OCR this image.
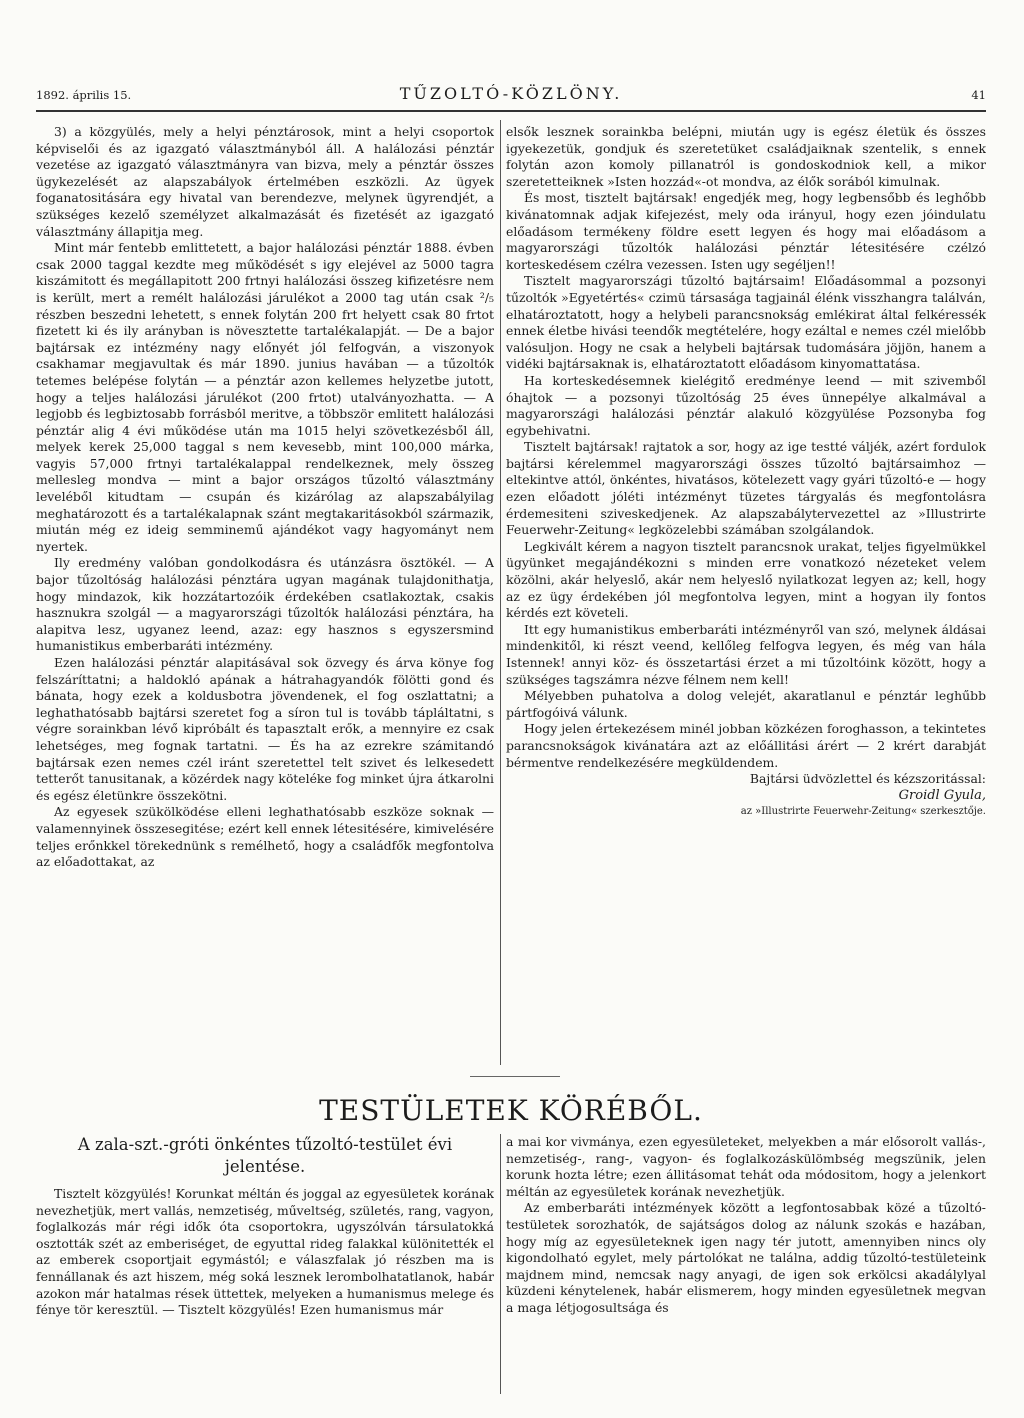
1892. április 15.	TŰZOLTÓ-KÖZLÖNY.	41

3) a közgyülés, mely a helyi pénztárosok, mint a helyi csoportok képviselői és az igazgató választmányból áll. A halálozási pénztár vezetése az igazgató választmányra van bizva, mely a pénztár összes ügykezelését az alapszabályok értelmében eszközli. Az ügyek foganatositására egy hivatal van berendezve, melynek ügyrendjét, a szükséges kezelő személyzet alkalmazását és fizetését az igazgató választmány állapitja meg.

Mint már fentebb emlittetett, a bajor halálozási pénztár 1888. évben csak 2000 taggal kezdte meg működését s igy elejével az 5000 tagra kiszámitott és megállapitott 200 frtnyi halálozási összeg kifizetésre nem is került, mert a remélt halálozási járulékot a 2000 tag után csak ²/₅ részben beszedni lehetett, s ennek folytán 200 frt helyett csak 80 frtot fizetett ki és ily arányban is növesztette tartalékalapját. — De a bajor bajtársak ez intézmény nagy előnyét jól felfogván, a viszonyok csakhamar megjavultak és már 1890. junius havában — a tűzoltók tetemes belépése folytán — a pénztár azon kellemes helyzetbe jutott, hogy a teljes halálozási járulékot (200 frtot) utalványozhatta. — A legjobb és legbiztosabb forrásból meritve, a többször emlitett halálozási pénztár alig 4 évi működése után ma 1015 helyi szövetkezésből áll, melyek kerek 25,000 taggal s nem kevesebb, mint 100,000 márka, vagyis 57,000 frtnyi tartalékalappal rendelkeznek, mely összeg mellesleg mondva — mint a bajor országos tűzoltó választmány leveléből kitudtam — csupán és kizárólag az alapszabályilag meghatározott és a tartalékalapnak szánt megtakaritásokból származik, miután még ez ideig semminemű ajándékot vagy hagyományt nem nyertek.

Ily eredmény valóban gondolkodásra és utánzásra ösztökél. — A bajor tűzoltóság halálozási pénztára ugyan magának tulajdonithatja, hogy mindazok, kik hozzátartozóik érdekében csatlakoztak, csakis hasznukra szolgál — a magyarországi tűzoltók halálozási pénztára, ha alapitva lesz, ugyanez leend, azaz: egy hasznos s egyszersmind humanistikus emberbaráti intézmény.

Ezen halálozási pénztár alapitásával sok özvegy és árva könye fog felszáríttatni; a haldokló apának a hátrahagyandók fölötti gond és bánata, hogy ezek a koldusbotra jövendenek, el fog oszlattatni; a leghathatósabb bajtársi szeretet fog a síron tul is tovább tápláltatni, s végre sorainkban lévő kipróbált és tapasztalt erők, a mennyire ez csak lehetséges, meg fognak tartatni. — És ha az ezrekre számitandó bajtársak ezen nemes czél iránt szeretettel telt szivet és lelkesedett tetterőt tanusitanak, a közérdek nagy köteléke fog minket újra átkarolni és egész életünkre összekötni.

Az egyesek szükölködése elleni leghathatósabb eszköze soknak — valamennyinek összesegitése; ezért kell ennek létesitésére, kimivelésére teljes erőnkkel törekednünk s remélhető, hogy a családfők megfontolva az előadottakat, az

elsők lesznek sorainkba belépni, miután ugy is egész életük és összes igyekezetük, gondjuk és szeretetüket családjaiknak szentelik, s ennek folytán azon komoly pillanatról is gondoskodniok kell, a mikor szeretetteiknek »Isten hozzád«-ot mondva, az élők sorából kimulnak.

És most, tisztelt bajtársak! engedjék meg, hogy legbensőbb és leghőbb kivánatomnak adjak kifejezést, mely oda irányul, hogy ezen jóindulatu előadásom termékeny földre esett legyen és hogy mai előadásom a magyarországi tűzoltók halálozási pénztár létesitésére czélzó korteskedésem czélra vezessen. Isten ugy segéljen!!

Tisztelt magyarországi tűzoltó bajtársaim! Előadásommal a pozsonyi tűzoltók »Egyetértés« czimü társasága tagjainál élénk visszhangra találván, elhatároztatott, hogy a helybeli parancsnokság emlékirat által felkéressék ennek életbe hivási teendők megtételére, hogy ezáltal e nemes czél mielőbb valósuljon. Hogy ne csak a helybeli bajtársak tudomására jöjjön, hanem a vidéki bajtársaknak is, elhatároztatott előadásom kinyomattatása.

Ha korteskedésemnek kielégitő eredménye leend — mit szivemből óhajtok — a pozsonyi tűzoltóság 25 éves ünnepélye alkalmával a magyarországi halálozási pénztár alakuló közgyülése Pozsonyba fog egybehivatni.

Tisztelt bajtársak! rajtatok a sor, hogy az ige testté váljék, azért fordulok bajtársi kérelemmel magyarországi összes tűzoltó bajtársaimhoz — eltekintve attól, önkéntes, hivatásos, kötelezett vagy gyári tűzoltó-e — hogy ezen előadott jóléti intézményt tüzetes tárgyalás és megfontolásra érdemesiteni sziveskedjenek. Az alapszabálytervezettel az »Illustrirte Feuerwehr-Zeitung« legközelebbi számában szolgálandok.

Legkivált kérem a nagyon tisztelt parancsnok urakat, teljes figyelmükkel ügyünket megajándékozni s minden erre vonatkozó nézeteket velem közölni, akár helyeslő, akár nem helyeslő nyilatkozat legyen az; kell, hogy az ez ügy érdekében jól megfontolva legyen, mint a hogyan ily fontos kérdés ezt követeli.

Itt egy humanistikus emberbaráti intézményről van szó, melynek áldásai mindenkitől, ki részt veend, kellőleg felfogva legyen, és még van hála Istennek! annyi köz- és összetartási érzet a mi tűzoltóink között, hogy a szükséges tagszámra nézve félnem nem kell!

Mélyebben puhatolva a dolog velejét, akaratlanul e pénztár leghűbb pártfogóivá válunk.

Hogy jelen értekezésem minél jobban közkézen foroghasson, a tekintetes parancsnokságok kivánatára azt az előállitási árért — 2 krért darabját bérmentve rendelkezésére megküldendem.

Bajtársi üdvözlettel és kézszoritással:

Groidl Gyula,

az »Illustrirte Feuerwehr-Zeitung« szerkesztője.

TESTÜLETEK KÖRÉBŐL.
A zala-szt.-gróti önkéntes tűzoltó-testület évi jelentése.

Tisztelt közgyülés! Korunkat méltán és joggal az egyesületek korának nevezhetjük, mert vallás, nemzetiség, műveltség, születés, rang, vagyon, foglalkozás már régi idők óta csoportokra, ugyszólván társulatokká osztották szét az emberiséget, de egyuttal rideg falakkal különitették el az emberek csoportjait egymástól; e válaszfalak jó részben ma is fennállanak és azt hiszem, még soká lesznek lerombolhatatlanok, habár azokon már hatalmas rések üttettek, melyeken a humanismus melege és fénye tör keresztül. — Tisztelt közgyülés! Ezen humanismus már

a mai kor vivmánya, ezen egyesületeket, melyekben a már elősorolt vallás-, nemzetiség-, rang-, vagyon- és foglalkozáskülömbség megszünik, jelen korunk hozta létre; ezen állitásomat tehát oda módositom, hogy a jelenkort méltán az egyesületek korának nevezhetjük.

Az emberbaráti intézmények között a legfontosabbak közé a tűzoltó-testületek sorozhatók, de sajátságos dolog az nálunk szokás e hazában, hogy míg az egyesületeknek igen nagy tér jutott, amennyiben nincs oly kigondolható egylet, mely pártolókat ne találna, addig tűzoltó-testületeink majdnem mind, nemcsak nagy anyagi, de igen sok erkölcsi akadálylyal küzdeni kénytelenek, habár elismerem, hogy minden egyesületnek megvan a maga létjogosultsága és
